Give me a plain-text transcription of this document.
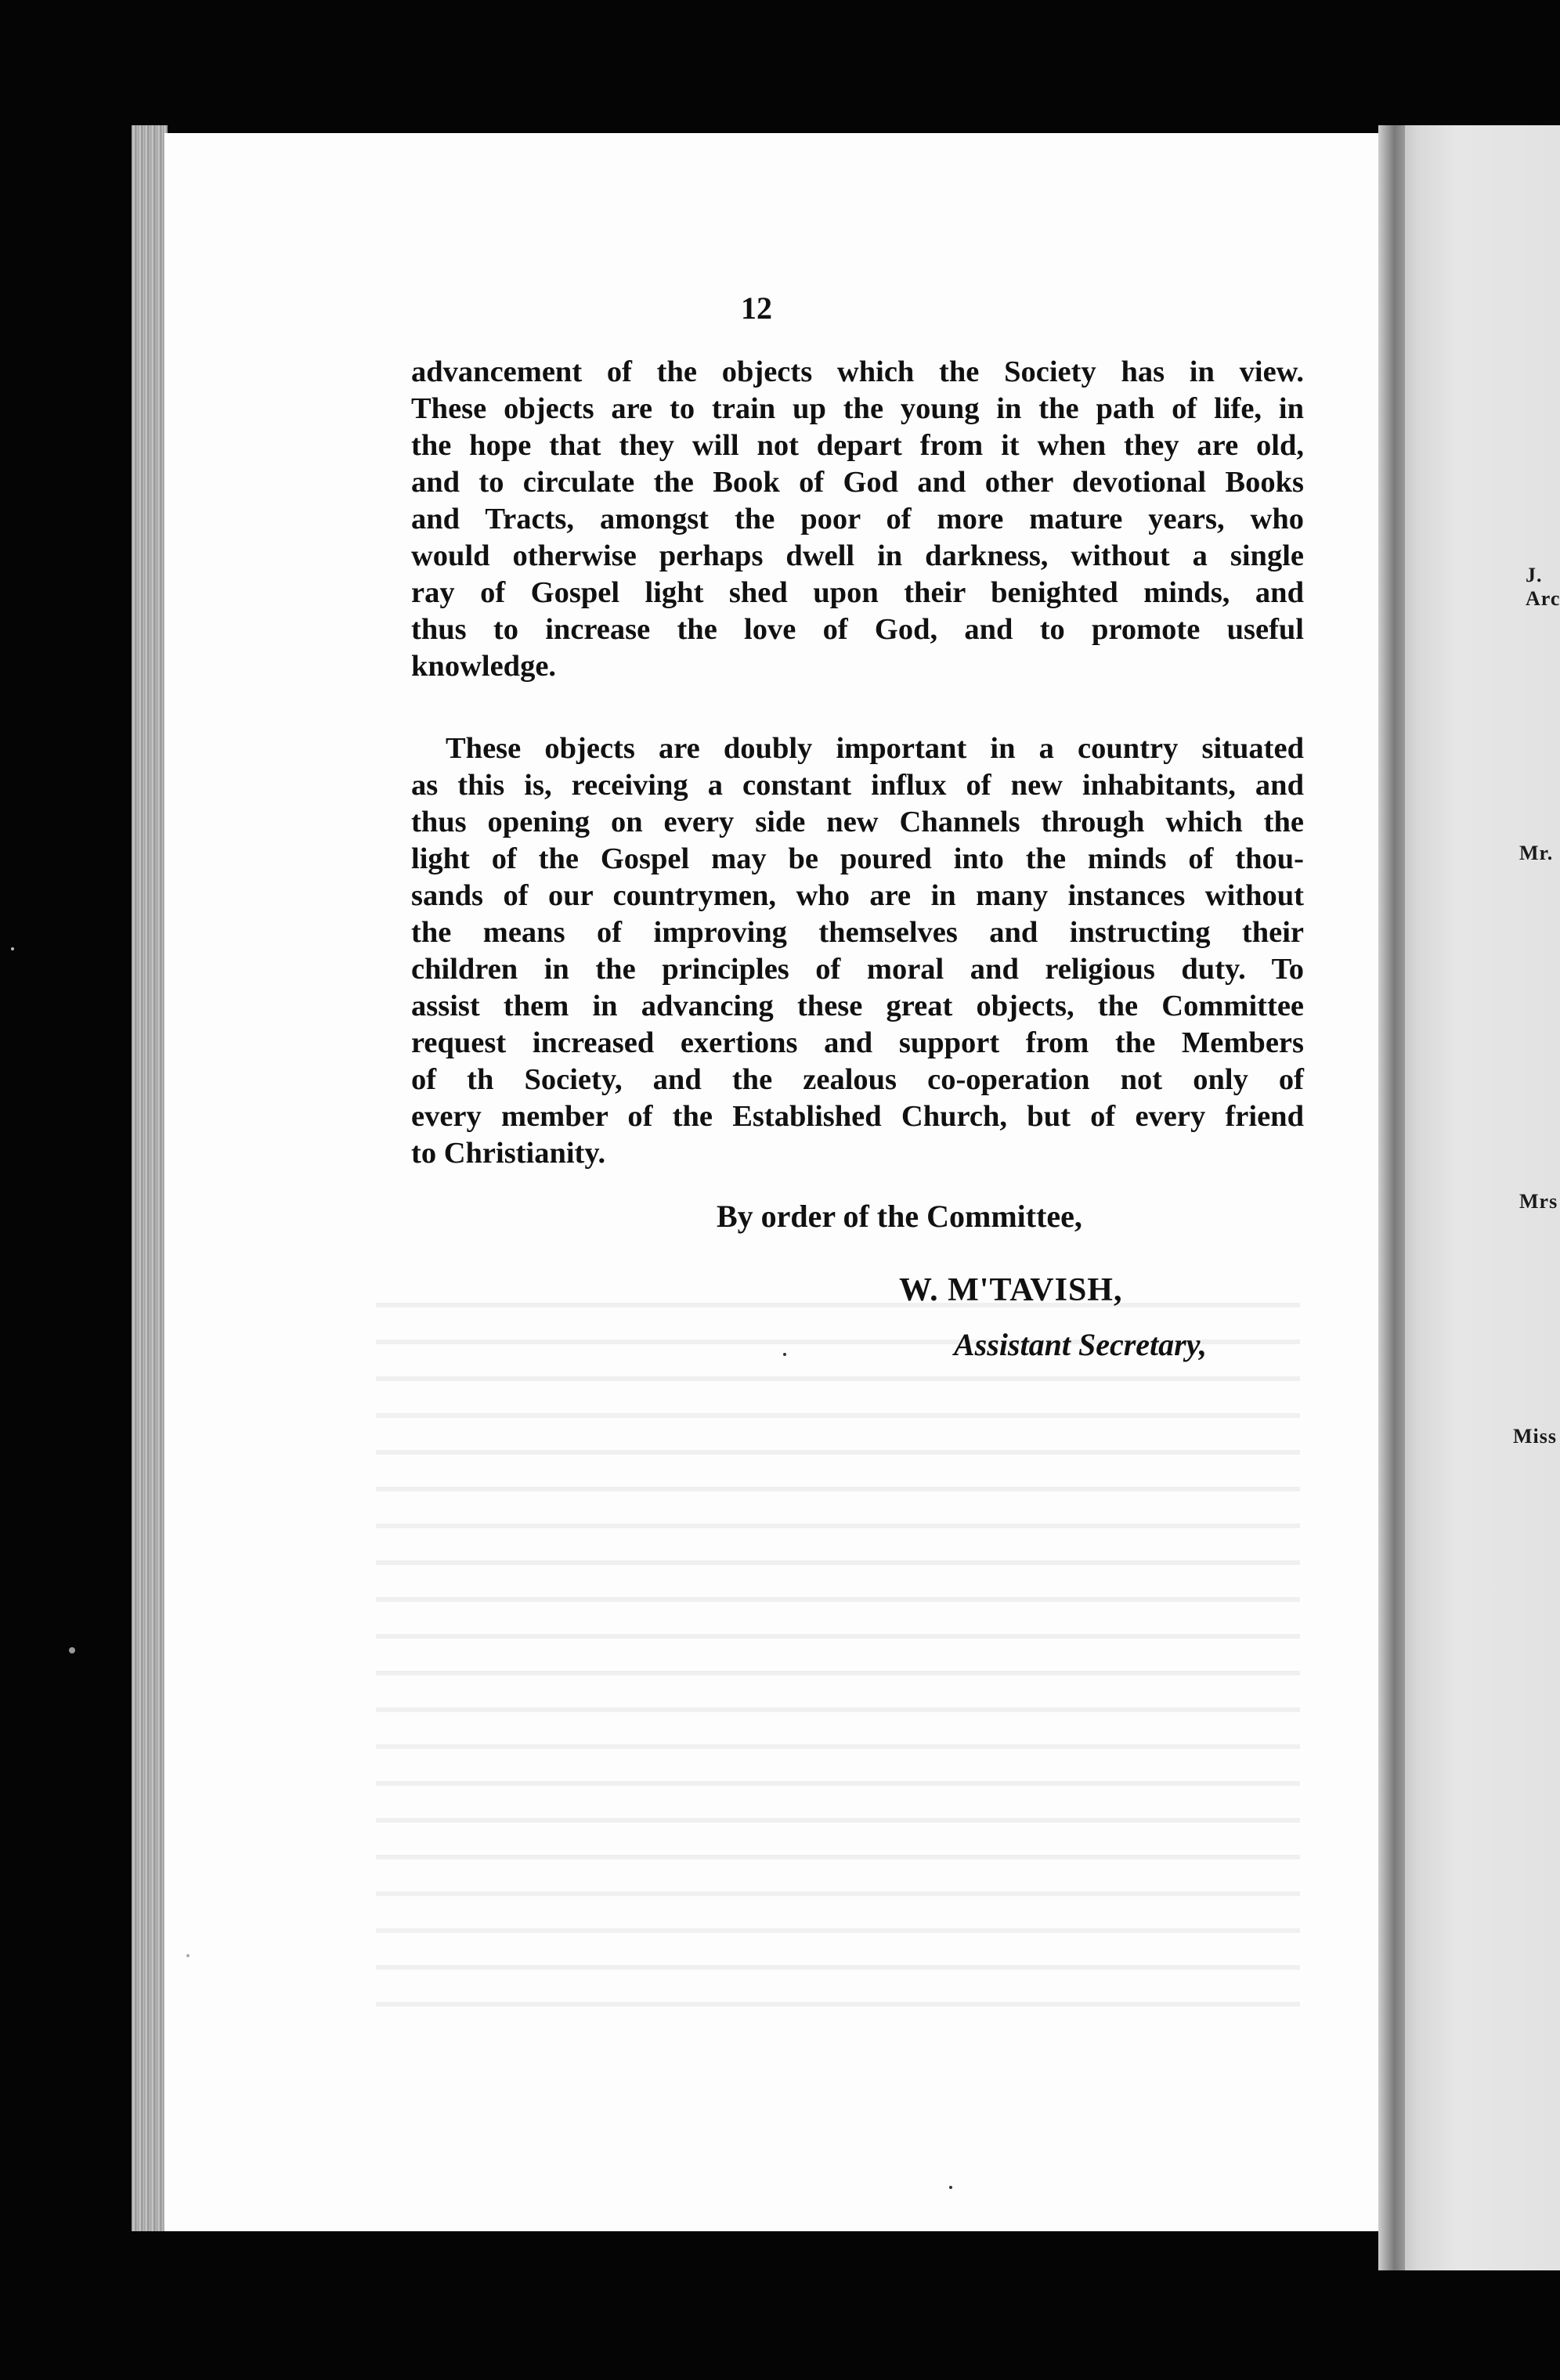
J.
Arc
Mr.
Mrs
Miss
12
advancement of the objects which the Society has in view.
These objects are to train up the young in the path of life, in
the hope that they will not depart from it when they are old,
and to circulate the Book of God and other devotional Books
and Tracts, amongst the poor of more mature years, who
would otherwise perhaps dwell in darkness, without a single
ray of Gospel light shed upon their benighted minds, and
thus to increase the love of God, and to promote useful
knowledge.
These objects are doubly important in a country situated
as this is, receiving a constant influx of new inhabitants, and
thus opening on every side new Channels through which the
light of the Gospel may be poured into the minds of thou-
sands of our countrymen, who are in many instances without
the means of improving themselves and instructing their
children in the principles of moral and religious duty. To
assist them in advancing these great objects, the Committee
request increased exertions and support from the Members
of th Society, and the zealous co-operation not only of
every member of the Established Church, but of every friend
to Christianity.
By order of the Committee,
W. M'TAVISH,
Assistant Secretary,
